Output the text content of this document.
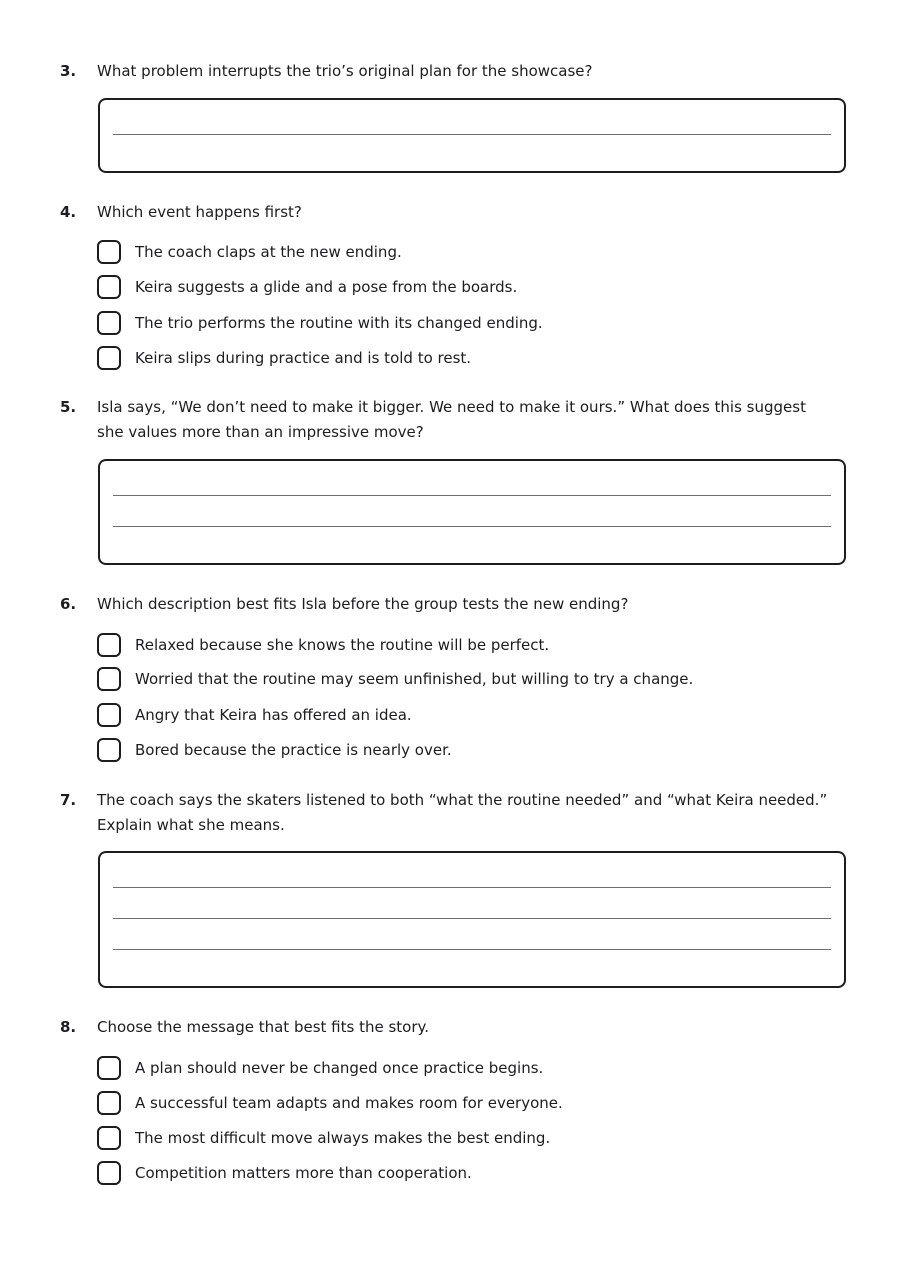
3. What problem interrupts the trio’s original plan for the showcase?
4. Which event happens first?
The coach claps at the new ending.
Keira suggests a glide and a pose from the boards.
The trio performs the routine with its changed ending.
Keira slips during practice and is told to rest.
5. Isla says, “We don’t need to make it bigger. We need to make it ours.” What does this suggest she values more than an impressive move?
6. Which description best fits Isla before the group tests the new ending?
Relaxed because she knows the routine will be perfect.
Worried that the routine may seem unfinished, but willing to try a change.
Angry that Keira has offered an idea.
Bored because the practice is nearly over.
7. The coach says the skaters listened to both “what the routine needed” and “what Keira needed.” Explain what she means.
8. Choose the message that best fits the story.
A plan should never be changed once practice begins.
A successful team adapts and makes room for everyone.
The most difficult move always makes the best ending.
Competition matters more than cooperation.
